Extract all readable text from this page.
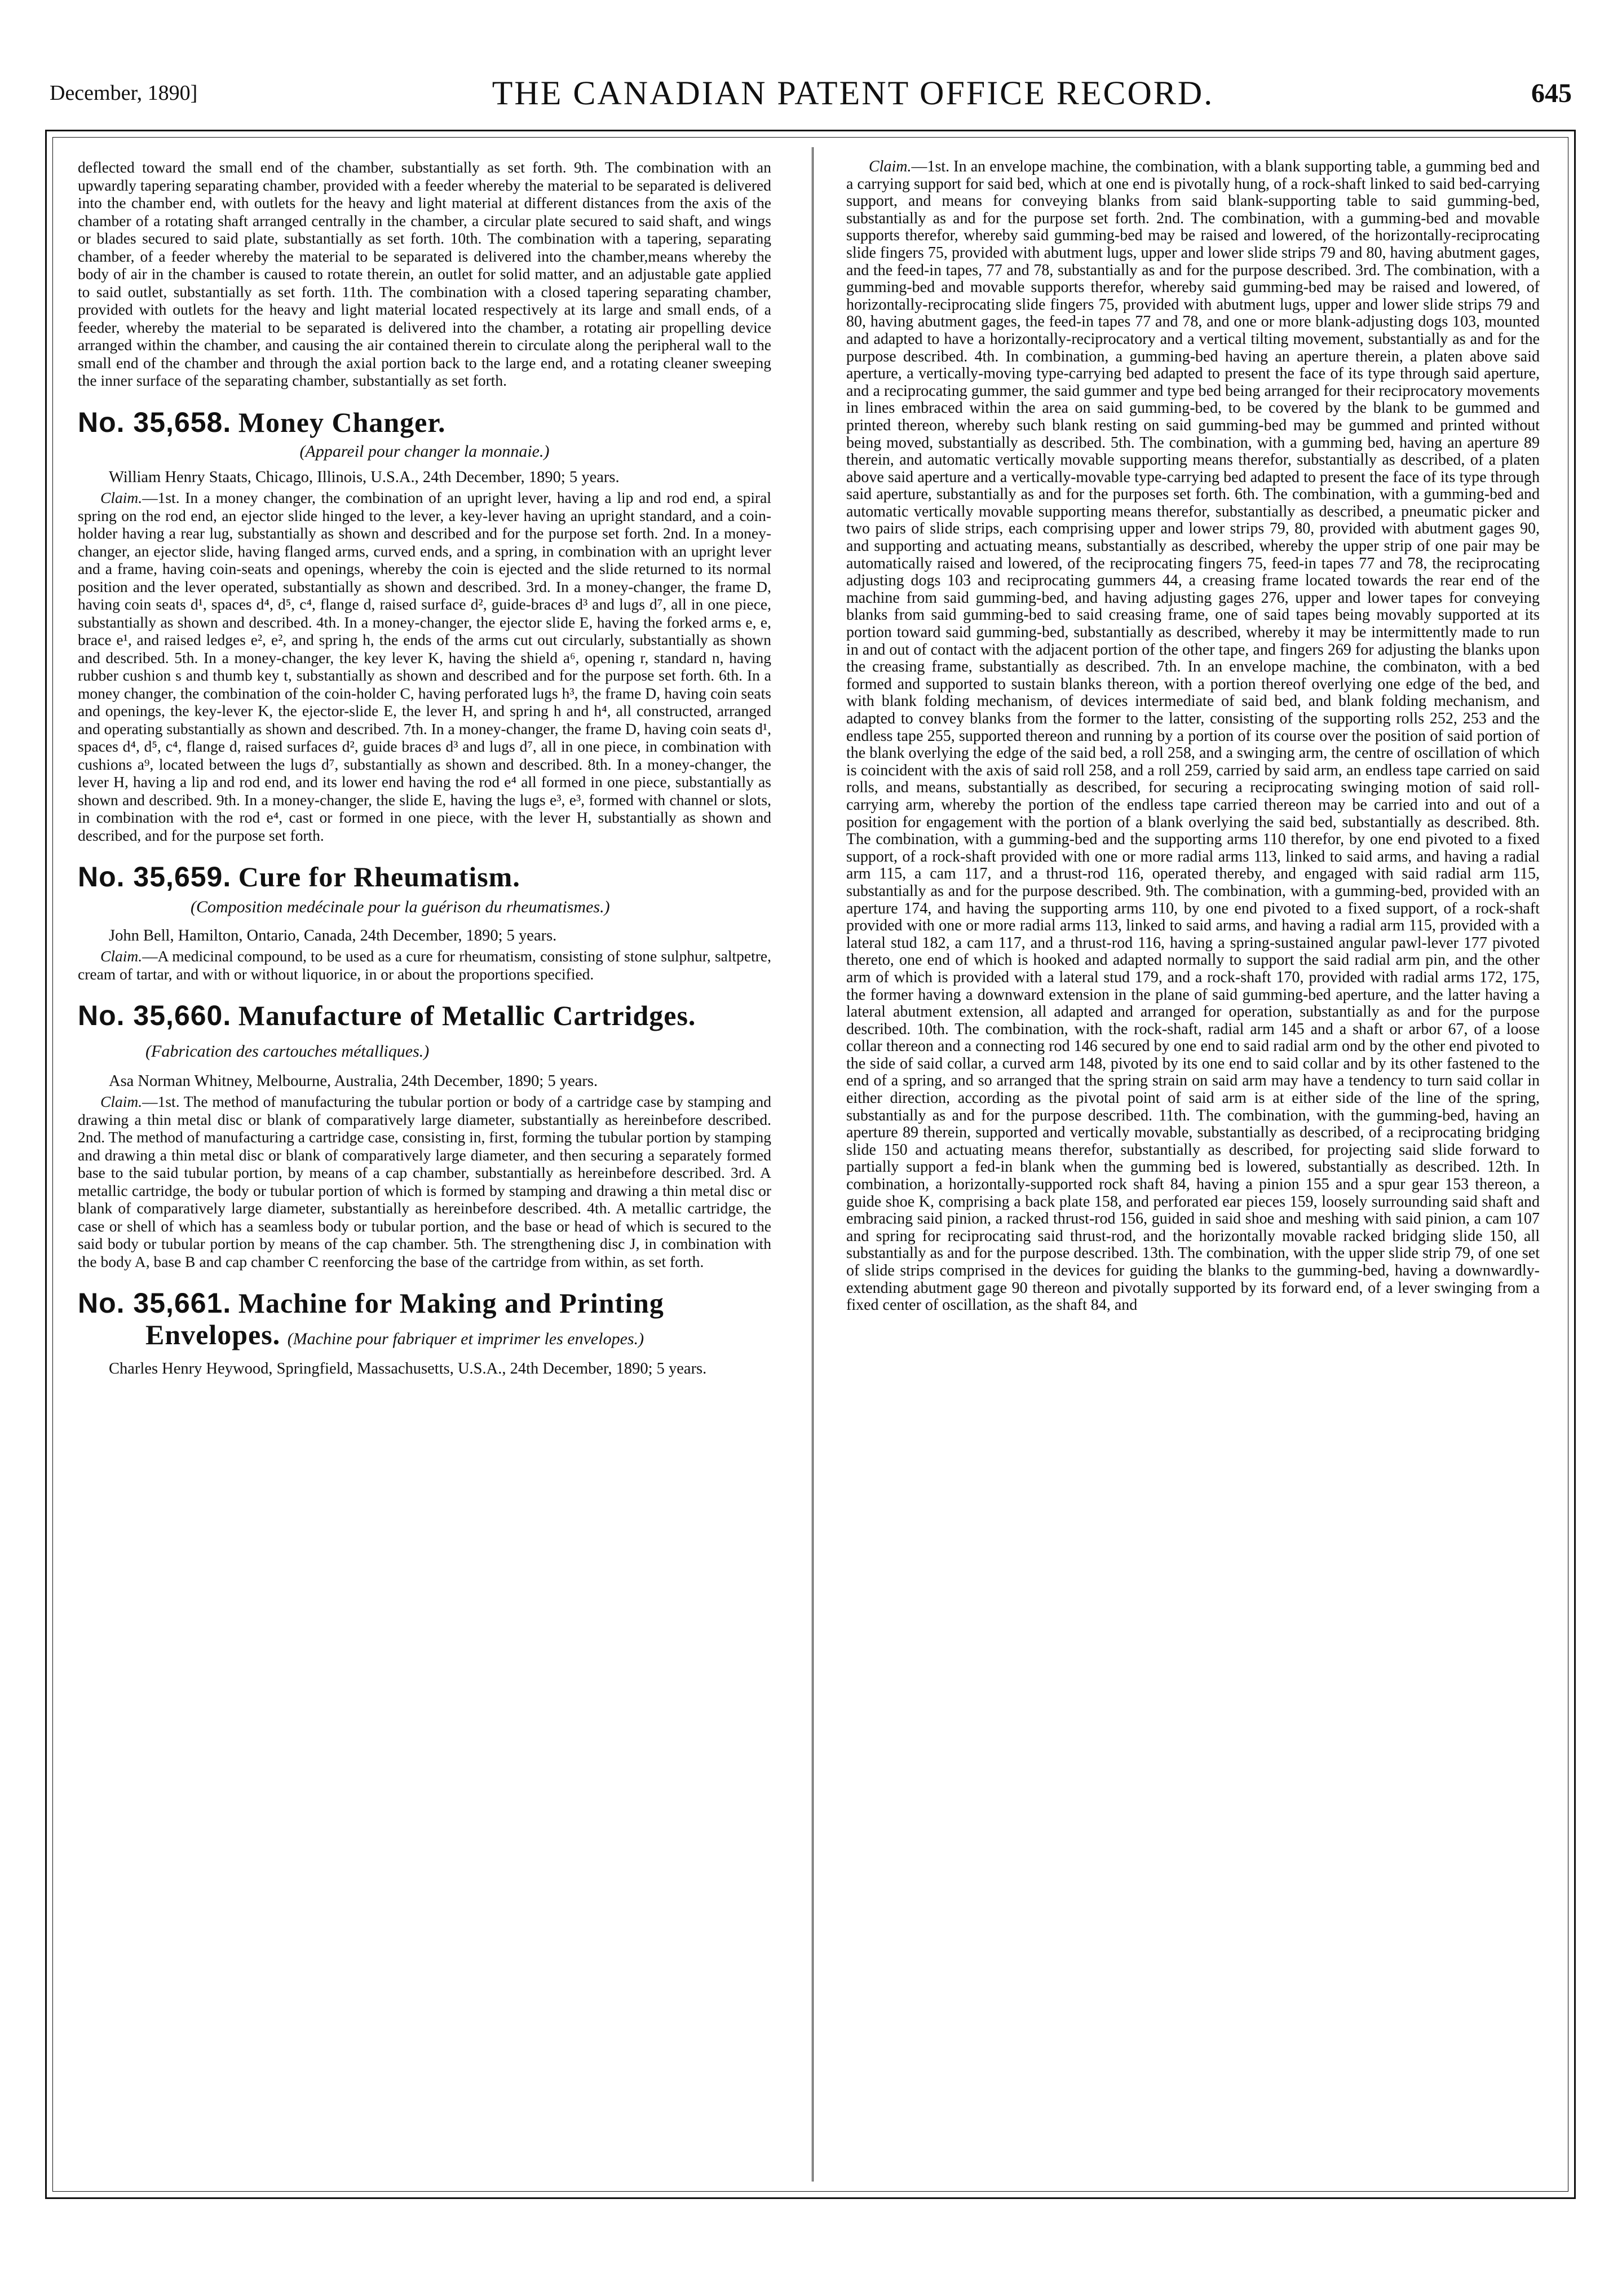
December, 1890]	THE CANADIAN PATENT OFFICE RECORD.	645

deflected toward the small end of the chamber, substantially as set forth. 9th. The combination with an upwardly tapering separating chamber, provided with a feeder whereby the material to be separated is delivered into the chamber end, with outlets for the heavy and light material at different distances from the axis of the chamber of a rotating shaft arranged centrally in the chamber, a circular plate secured to said shaft, and wings or blades secured to said plate, substantially as set forth. 10th. The combination with a tapering, separating chamber, of a feeder whereby the material to be separated is delivered into the chamber,means whereby the body of air in the chamber is caused to rotate therein, an outlet for solid matter, and an adjustable gate applied to said outlet, substantially as set forth. 11th. The combination with a closed tapering separating chamber, provided with outlets for the heavy and light material located respectively at its large and small ends, of a feeder, whereby the material to be separated is delivered into the chamber, a rotating air propelling device arranged within the chamber, and causing the air contained therein to circulate along the peripheral wall to the small end of the chamber and through the axial portion back to the large end, and a rotating cleaner sweeping the inner surface of the separating chamber, substantially as set forth.

No. 35,658. Money Changer.
(Appareil pour changer la monnaie.)

William Henry Staats, Chicago, Illinois, U.S.A., 24th December, 1890; 5 years.

Claim.—1st. In a money changer, the combination of an upright lever, having a lip and rod end, a spiral spring on the rod end, an ejector slide hinged to the lever, a key-lever having an upright standard, and a coin-holder having a rear lug, substantially as shown and described and for the purpose set forth. 2nd. In a money-changer, an ejector slide, having flanged arms, curved ends, and a spring, in combination with an upright lever and a frame, having coin-seats and openings, whereby the coin is ejected and the slide returned to its normal position and the lever operated, substantially as shown and described. 3rd. In a money-changer, the frame D, having coin seats d¹, spaces d⁴, d⁵, c⁴, flange d, raised surface d², guide-braces d³ and lugs d⁷, all in one piece, substantially as shown and described. 4th. In a money-changer, the ejector slide E, having the forked arms e, e, brace e¹, and raised ledges e², e², and spring h, the ends of the arms cut out circularly, substantially as shown and described. 5th. In a money-changer, the key lever K, having the shield a⁶, opening r, standard n, having rubber cushion s and thumb key t, substantially as shown and described and for the purpose set forth. 6th. In a money changer, the combination of the coin-holder C, having perforated lugs h³, the frame D, having coin seats and openings, the key-lever K, the ejector-slide E, the lever H, and spring h and h⁴, all constructed, arranged and operating substantially as shown and described. 7th. In a money-changer, the frame D, having coin seats d¹, spaces d⁴, d⁵, c⁴, flange d, raised surfaces d², guide braces d³ and lugs d⁷, all in one piece, in combination with cushions a⁹, located between the lugs d⁷, substantially as shown and described. 8th. In a money-changer, the lever H, having a lip and rod end, and its lower end having the rod e⁴ all formed in one piece, substantially as shown and described. 9th. In a money-changer, the slide E, having the lugs e³, e³, formed with channel or slots, in combination with the rod e⁴, cast or formed in one piece, with the lever H, substantially as shown and described, and for the purpose set forth.

No. 35,659. Cure for Rheumatism.
(Composition medécinale pour la guérison du rheumatismes.)

John Bell, Hamilton, Ontario, Canada, 24th December, 1890; 5 years.

Claim.—A medicinal compound, to be used as a cure for rheumatism, consisting of stone sulphur, saltpetre, cream of tartar, and with or without liquorice, in or about the proportions specified.

No. 35,660. Manufacture of Metallic Cartridges. (Fabrication des cartouches métalliques.)

Asa Norman Whitney, Melbourne, Australia, 24th December, 1890; 5 years.

Claim.—1st. The method of manufacturing the tubular portion or body of a cartridge case by stamping and drawing a thin metal disc or blank of comparatively large diameter, substantially as hereinbefore described. 2nd. The method of manufacturing a cartridge case, consisting in, first, forming the tubular portion by stamping and drawing a thin metal disc or blank of comparatively large diameter, and then securing a separately formed base to the said tubular portion, by means of a cap chamber, substantially as hereinbefore described. 3rd. A metallic cartridge, the body or tubular portion of which is formed by stamping and drawing a thin metal disc or blank of comparatively large diameter, substantially as hereinbefore described. 4th. A metallic cartridge, the case or shell of which has a seamless body or tubular portion, and the base or head of which is secured to the said body or tubular portion by means of the cap chamber. 5th. The strengthening disc J, in combination with the body A, base B and cap chamber C reenforcing the base of the cartridge from within, as set forth.

No. 35,661. Machine for Making and Printing Envelopes. (Machine pour fabriquer et imprimer les envelopes.)

Charles Henry Heywood, Springfield, Massachusetts, U.S.A., 24th December, 1890; 5 years.

Claim.—1st. In an envelope machine, the combination, with a blank supporting table, a gumming bed and a carrying support for said bed, which at one end is pivotally hung, of a rock-shaft linked to said bed-carrying support, and means for conveying blanks from said blank-supporting table to said gumming-bed, substantially as and for the purpose set forth. 2nd. The combination, with a gumming-bed and movable supports therefor, whereby said gumming-bed may be raised and lowered, of the horizontally-reciprocating slide fingers 75, provided with abutment lugs, upper and lower slide strips 79 and 80, having abutment gages, and the feed-in tapes, 77 and 78, substantially as and for the purpose described. 3rd. The combination, with a gumming-bed and movable supports therefor, whereby said gumming-bed may be raised and lowered, of horizontally-reciprocating slide fingers 75, provided with abutment lugs, upper and lower slide strips 79 and 80, having abutment gages, the feed-in tapes 77 and 78, and one or more blank-adjusting dogs 103, mounted and adapted to have a horizontally-reciprocatory and a vertical tilting movement, substantially as and for the purpose described. 4th. In combination, a gumming-bed having an aperture therein, a platen above said aperture, a vertically-moving type-carrying bed adapted to present the face of its type through said aperture, and a reciprocating gummer, the said gummer and type bed being arranged for their reciprocatory movements in lines embraced within the area on said gumming-bed, to be covered by the blank to be gummed and printed thereon, whereby such blank resting on said gumming-bed may be gummed and printed without being moved, substantially as described. 5th. The combination, with a gumming bed, having an aperture 89 therein, and automatic vertically movable supporting means therefor, substantially as described, of a platen above said aperture and a vertically-movable type-carrying bed adapted to present the face of its type through said aperture, substantially as and for the purposes set forth. 6th. The combination, with a gumming-bed and automatic vertically movable supporting means therefor, substantially as described, a pneumatic picker and two pairs of slide strips, each comprising upper and lower strips 79, 80, provided with abutment gages 90, and supporting and actuating means, substantially as described, whereby the upper strip of one pair may be automatically raised and lowered, of the reciprocating fingers 75, feed-in tapes 77 and 78, the reciprocating adjusting dogs 103 and reciprocating gummers 44, a creasing frame located towards the rear end of the machine from said gumming-bed, and having adjusting gages 276, upper and lower tapes for conveying blanks from said gumming-bed to said creasing frame, one of said tapes being movably supported at its portion toward said gumming-bed, substantially as described, whereby it may be intermittently made to run in and out of contact with the adjacent portion of the other tape, and fingers 269 for adjusting the blanks upon the creasing frame, substantially as described. 7th. In an envelope machine, the combinaton, with a bed formed and supported to sustain blanks thereon, with a portion thereof overlying one edge of the bed, and with blank folding mechanism, of devices intermediate of said bed, and blank folding mechanism, and adapted to convey blanks from the former to the latter, consisting of the supporting rolls 252, 253 and the endless tape 255, supported thereon and running by a portion of its course over the position of said portion of the blank overlying the edge of the said bed, a roll 258, and a swinging arm, the centre of oscillation of which is coincident with the axis of said roll 258, and a roll 259, carried by said arm, an endless tape carried on said rolls, and means, substantially as described, for securing a reciprocating swinging motion of said roll-carrying arm, whereby the portion of the endless tape carried thereon may be carried into and out of a position for engagement with the portion of a blank overlying the said bed, substantially as described. 8th. The combination, with a gumming-bed and the supporting arms 110 therefor, by one end pivoted to a fixed support, of a rock-shaft provided with one or more radial arms 113, linked to said arms, and having a radial arm 115, a cam 117, and a thrust-rod 116, operated thereby, and engaged with said radial arm 115, substantially as and for the purpose described. 9th. The combination, with a gumming-bed, provided with an aperture 174, and having the supporting arms 110, by one end pivoted to a fixed support, of a rock-shaft provided with one or more radial arms 113, linked to said arms, and having a radial arm 115, provided with a lateral stud 182, a cam 117, and a thrust-rod 116, having a spring-sustained angular pawl-lever 177 pivoted thereto, one end of which is hooked and adapted normally to support the said radial arm pin, and the other arm of which is provided with a lateral stud 179, and a rock-shaft 170, provided with radial arms 172, 175, the former having a downward extension in the plane of said gumming-bed aperture, and the latter having a lateral abutment extension, all adapted and arranged for operation, substantially as and for the purpose described. 10th. The combination, with the rock-shaft, radial arm 145 and a shaft or arbor 67, of a loose collar thereon and a connecting rod 146 secured by one end to said radial arm ond by the other end pivoted to the side of said collar, a curved arm 148, pivoted by its one end to said collar and by its other fastened to the end of a spring, and so arranged that the spring strain on said arm may have a tendency to turn said collar in either direction, according as the pivotal point of said arm is at either side of the line of the spring, substantially as and for the purpose described. 11th. The combination, with the gumming-bed, having an aperture 89 therein, supported and vertically movable, substantially as described, of a reciprocating bridging slide 150 and actuating means therefor, substantially as described, for projecting said slide forward to partially support a fed-in blank when the gumming bed is lowered, substantially as described. 12th. In combination, a horizontally-supported rock shaft 84, having a pinion 155 and a spur gear 153 thereon, a guide shoe K, comprising a back plate 158, and perforated ear pieces 159, loosely surrounding said shaft and embracing said pinion, a racked thrust-rod 156, guided in said shoe and meshing with said pinion, a cam 107 and spring for reciprocating said thrust-rod, and the horizontally movable racked bridging slide 150, all substantially as and for the purpose described. 13th. The combination, with the upper slide strip 79, of one set of slide strips comprised in the devices for guiding the blanks to the gumming-bed, having a downwardly-extending abutment gage 90 thereon and pivotally supported by its forward end, of a lever swinging from a fixed center of oscillation, as the shaft 84, and
